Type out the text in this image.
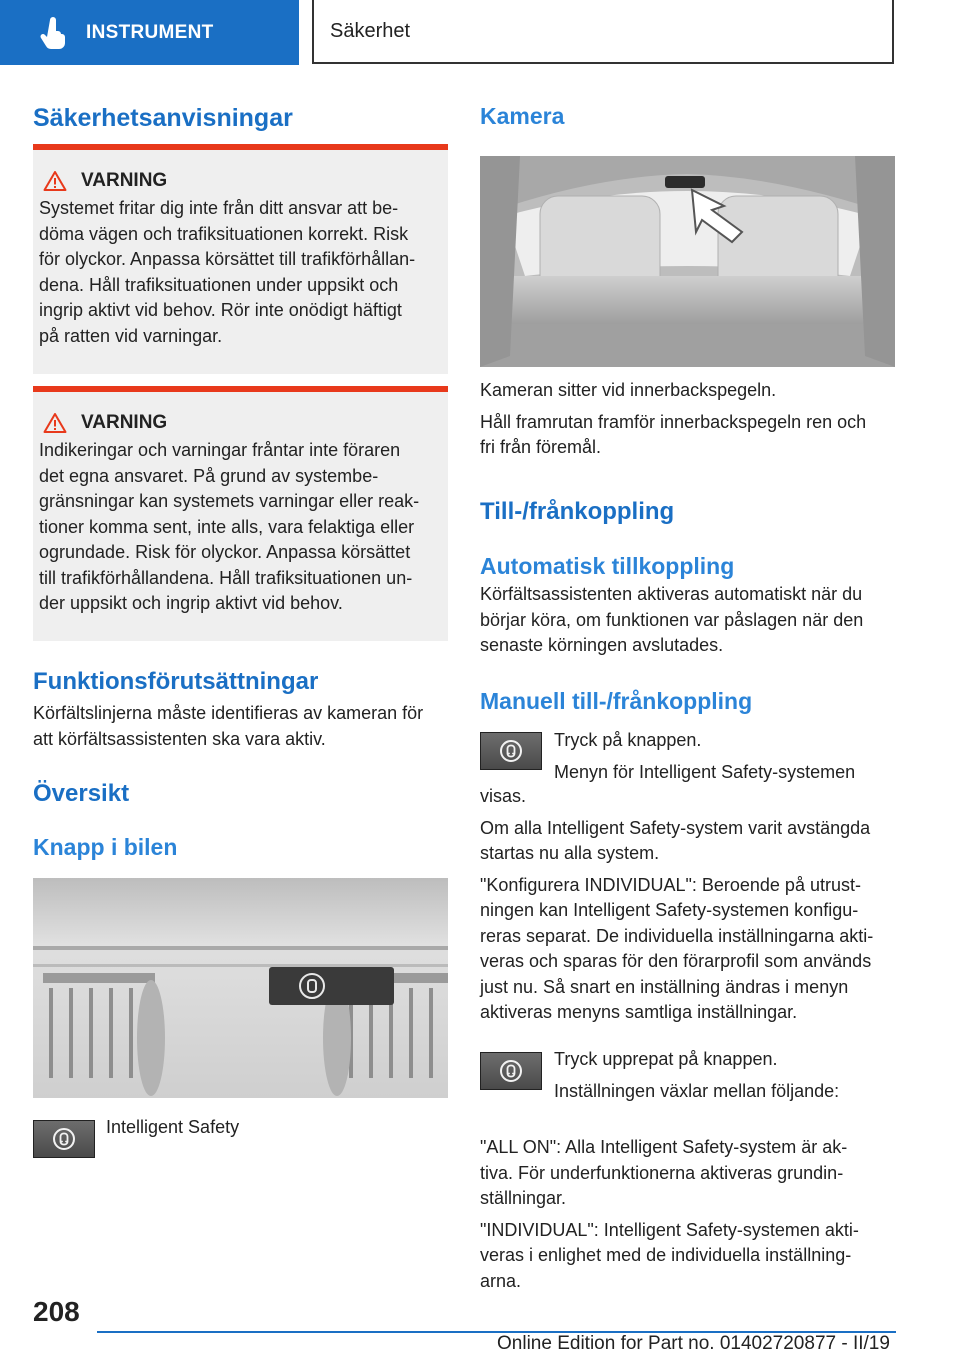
INSTRUMENT	Säkerhet
Säkerhetsanvisningar
VARNING

Systemet fritar dig inte från ditt ansvar att be-

döma vägen och trafiksituationen korrekt. Risk

för olyckor. Anpassa körsättet till trafikförhållan-

dena. Håll trafiksituationen under uppsikt och

ingrip aktivt vid behov. Rör inte onödigt häftigt

på ratten vid varningar.

VARNING

Indikeringar och varningar fråntar inte föraren

det egna ansvaret. På grund av systembe-

gränsningar kan systemets varningar eller reak-

tioner komma sent, inte alls, vara felaktiga eller

ogrundade. Risk för olyckor. Anpassa körsättet

till trafikförhållandena. Håll trafiksituationen un-

der uppsikt och ingrip aktivt vid behov.

Funktionsförutsättningar

Körfältslinjerna måste identifieras av kameran för

att körfältsassistenten ska vara aktiv.

Översikt
Knapp i bilen

Intelligent Safety

Kamera

Kameran sitter vid innerbackspegeln.

Håll framrutan framför innerbackspegeln ren och

fri från föremål.

Till-/frånkoppling
Automatisk tillkoppling

Körfältsassistenten aktiveras automatiskt när du

börjar köra, om funktionen var påslagen när den

senaste körningen avslutades.

Manuell till-/frånkoppling

Tryck på knappen.

Menyn för Intelligent Safety-systemen

visas.

Om alla Intelligent Safety-system varit avstängda

startas nu alla system.

"Konfigurera INDIVIDUAL": Beroende på utrust-

ningen kan Intelligent Safety-systemen konfigu-

reras separat. De individuella inställningarna akti-

veras och sparas för den förarprofil som används

just nu. Så snart en inställning ändras i menyn

aktiveras menyns samtliga inställningar.

Tryck upprepat på knappen.

Inställningen växlar mellan följande:

"ALL ON": Alla Intelligent Safety-system är ak-

tiva. För underfunktionerna aktiveras grundin-

ställningar.

"INDIVIDUAL": Intelligent Safety-systemen akti-

veras i enlighet med de individuella inställning-

arna.

208
Online Edition for Part no. 01402720877 - II/19
